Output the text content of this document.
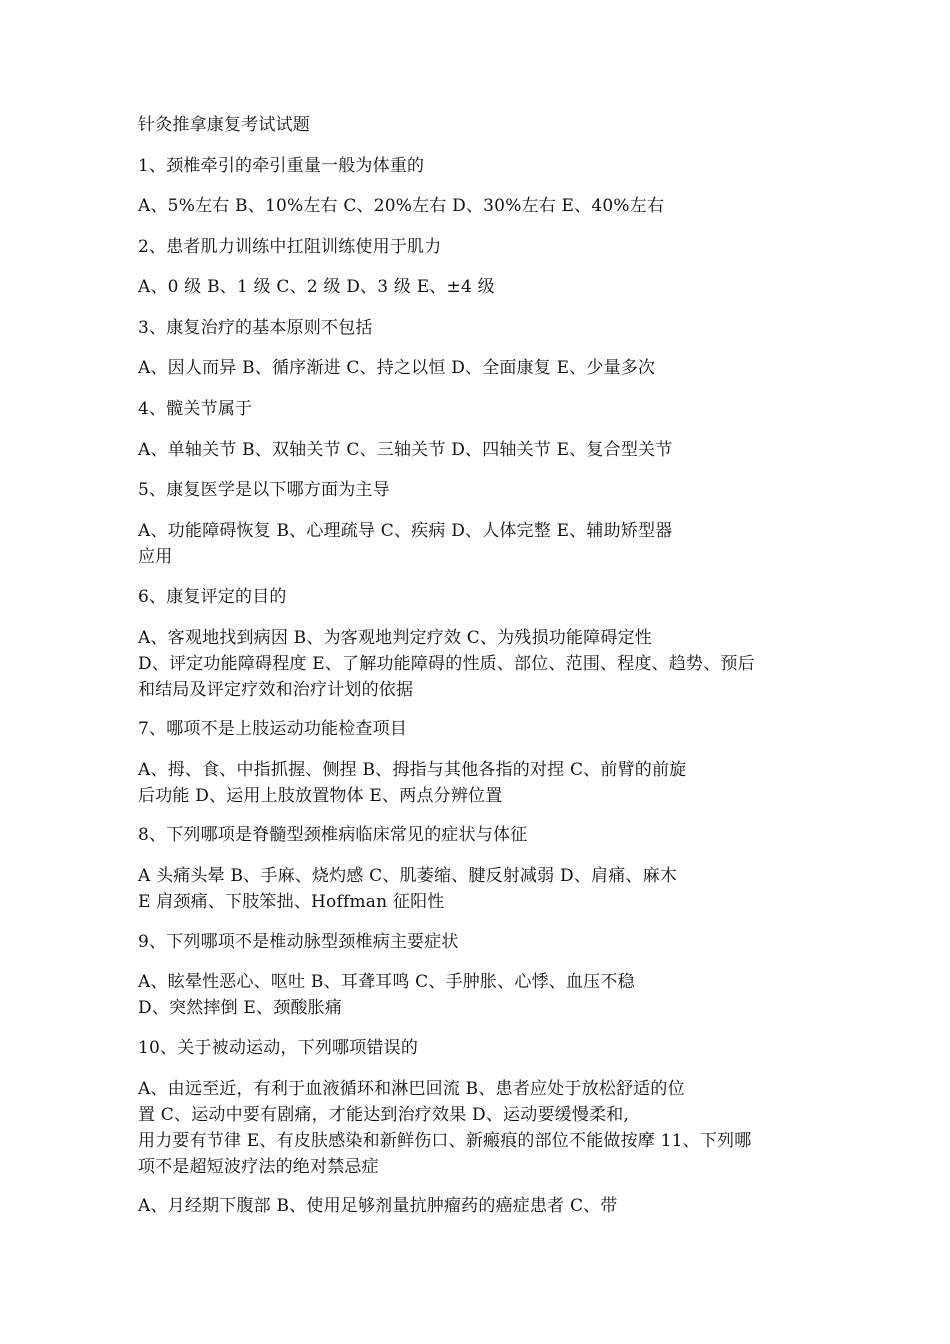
针灸推拿康复考试试题
1、颈椎牵引的牵引重量一般为体重的
A、5%左右 B、10%左右 C、20%左右 D、30%左右 E、40%左右
2、患者肌力训练中扛阻训练使用于肌力
A、0 级 B、1 级 C、2 级 D、3 级 E、±4 级
3、康复治疗的基本原则不包括
A、因人而异 B、循序渐进 C、持之以恒 D、全面康复 E、少量多次
4、髋关节属于
A、单轴关节 B、双轴关节 C、三轴关节 D、四轴关节 E、复合型关节
5、康复医学是以下哪方面为主导
A、功能障碍恢复 B、心理疏导 C、疾病 D、人体完整 E、辅助矫型器
应用
6、康复评定的目的
A、客观地找到病因 B、为客观地判定疗效 C、为残损功能障碍定性
D、评定功能障碍程度 E、了解功能障碍的性质、部位、范围、程度、趋势、预后
和结局及评定疗效和治疗计划的依据
7、哪项不是上肢运动功能检查项目
A、拇、食、中指抓握、侧捏 B、拇指与其他各指的对捏 C、前臂的前旋
后功能 D、运用上肢放置物体 E、两点分辨位置
8、下列哪项是脊髓型颈椎病临床常见的症状与体征
A 头痛头晕 B、手麻、烧灼感 C、肌萎缩、腱反射减弱 D、肩痛、麻木
E 肩颈痛、下肢笨拙、Hoffman 征阳性
9、下列哪项不是椎动脉型颈椎病主要症状
A、眩晕性恶心、呕吐 B、耳聋耳鸣 C、手肿胀、心悸、血压不稳
D、突然摔倒 E、颈酸胀痛
10、关于被动运动，下列哪项错误的
A、由远至近，有利于血液循环和淋巴回流 B、患者应处于放松舒适的位
置 C、运动中要有剧痛，才能达到治疗效果 D、运动要缓慢柔和,
用力要有节律 E、有皮肤感染和新鲜伤口、新瘢痕的部位不能做按摩 11、下列哪
项不是超短波疗法的绝对禁忌症
A、月经期下腹部 B、使用足够剂量抗肿瘤药的癌症患者 C、带
